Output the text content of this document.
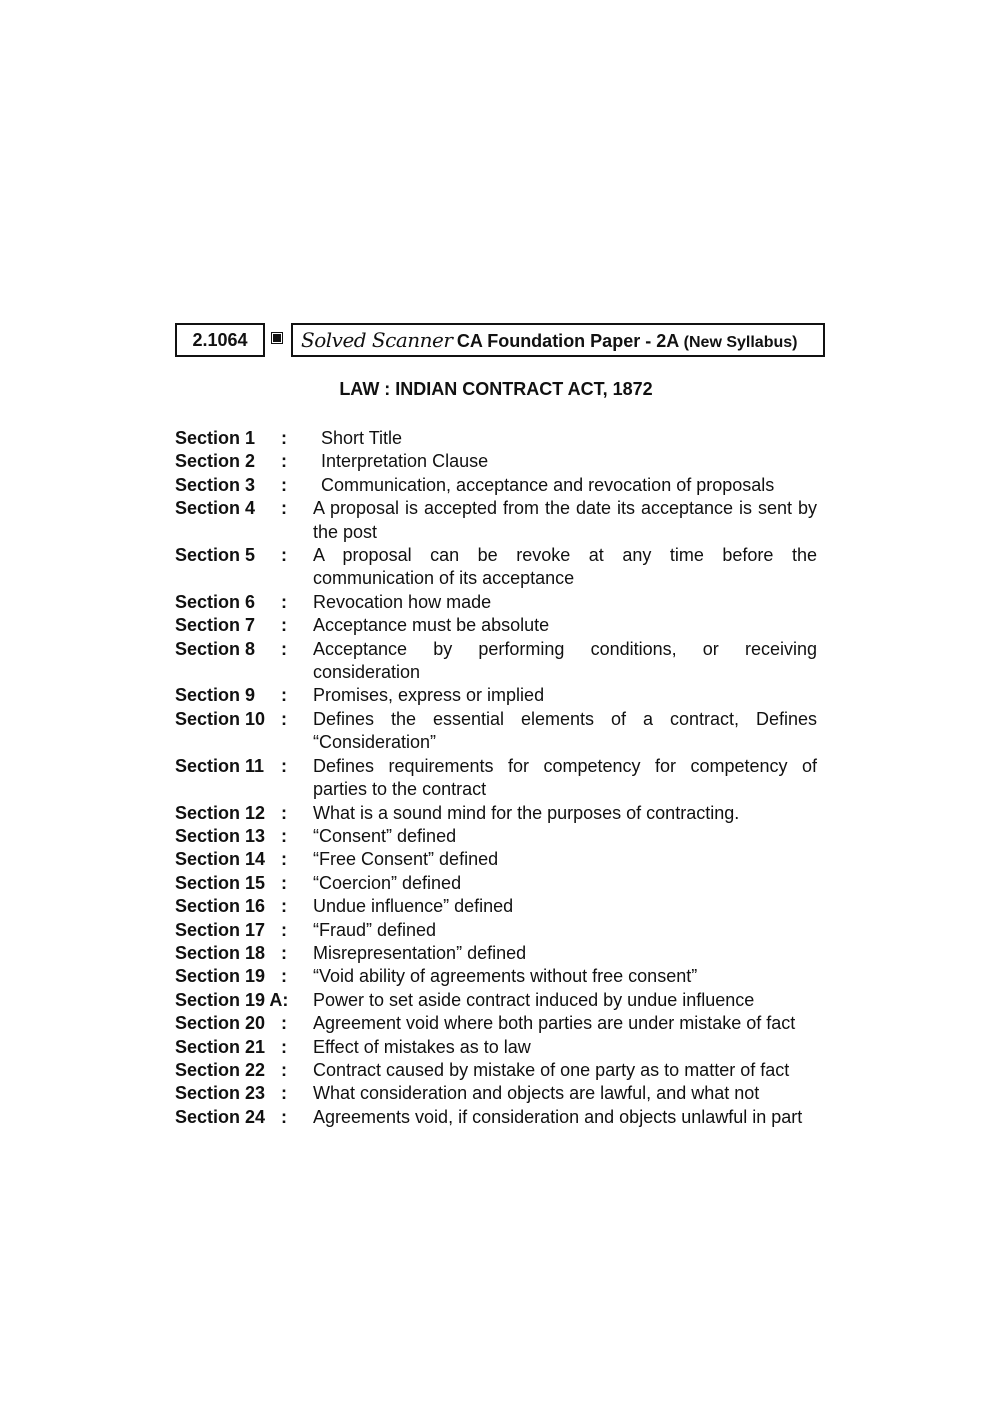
2.1064	Solved Scanner CA Foundation Paper - 2A (New Syllabus)
LAW : INDIAN CONTRACT ACT, 1872
Section 1	:	Short Title
Section 2	:	Interpretation Clause
Section 3	:	Communication, acceptance and revocation of proposals
Section 4	:	A proposal is accepted from the date its acceptance is sent by the post
Section 5	:	A proposal can be revoke at any time before the communication of its acceptance
Section 6	:	Revocation how made
Section 7	:	Acceptance must be absolute
Section 8	:	Acceptance by performing conditions, or receiving consideration
Section 9	:	Promises, express or implied
Section 10 :	Defines the essential elements of a contract, Defines “Consideration”
Section 11 :	Defines requirements for competency for competency of parties to the contract
Section 12 :	What is a sound mind for the purposes of contracting.
Section 13 :	“Consent” defined
Section 14 :	“Free Consent” defined
Section 15 :	“Coercion” defined
Section 16 :	Undue influence” defined
Section 17 :	“Fraud” defined
Section 18 :	Misrepresentation” defined
Section 19 :	“Void ability of agreements without free consent”
Section 19 A:	Power to set aside contract induced by undue influence
Section 20 :	Agreement void where both parties are under mistake of fact
Section 21 :	Effect of mistakes as to law
Section 22 :	Contract caused by mistake of one party as to matter of fact
Section 23 :	What consideration and objects are lawful, and what not
Section 24 :	Agreements void, if consideration and objects unlawful in part
